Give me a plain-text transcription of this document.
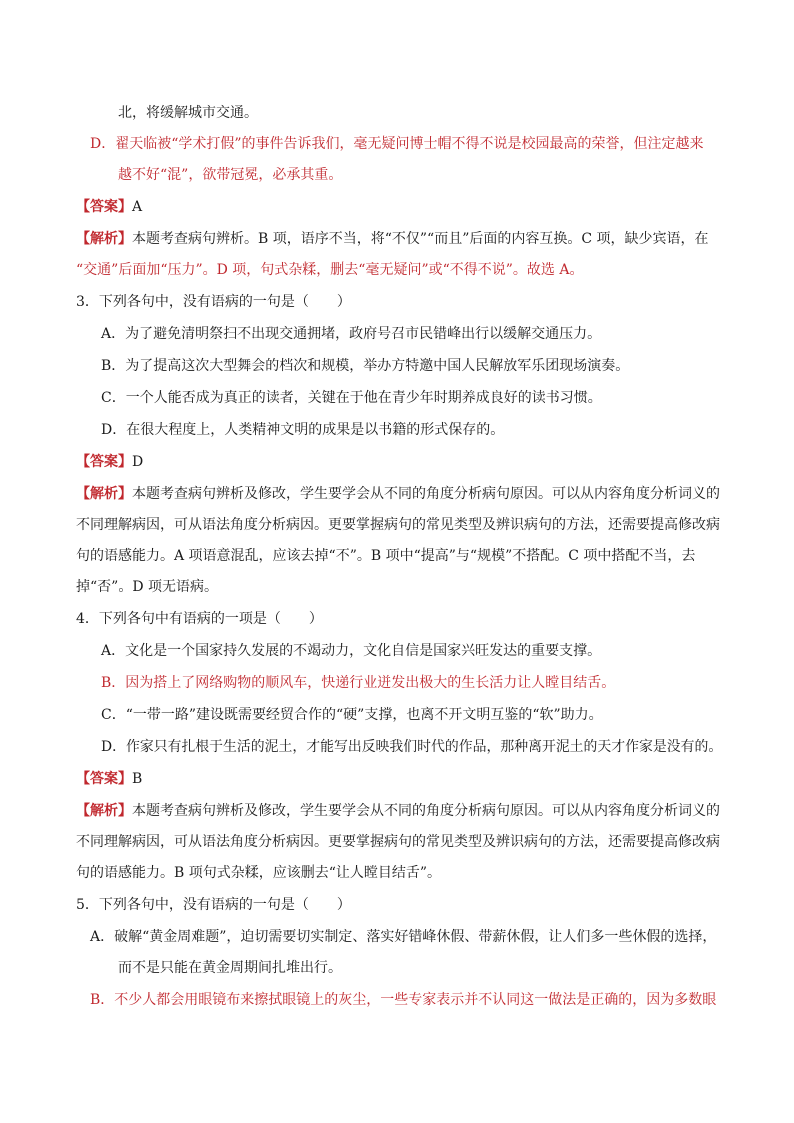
北，将缓解城市交通。
D．翟天临被“学术打假”的事件告诉我们，毫无疑问博士帽不得不说是校园最高的荣誉，但注定越来
越不好“混”，欲带冠冕，必承其重。
【答案】A
【解析】本题考查病句辨析。B 项，语序不当，将“不仅”“而且”后面的内容互换。C 项，缺少宾语，在
“交通”后面加“压力”。D 项，句式杂糅，删去“毫无疑问”或“不得不说”。故选 A。
3．下列各句中，没有语病的一句是（　　）
A．为了避免清明祭扫不出现交通拥堵，政府号召市民错峰出行以缓解交通压力。
B．为了提高这次大型舞会的档次和规模，举办方特邀中国人民解放军乐团现场演奏。
C．一个人能否成为真正的读者，关键在于他在青少年时期养成良好的读书习惯。
D．在很大程度上，人类精神文明的成果是以书籍的形式保存的。
【答案】D
【解析】本题考查病句辨析及修改，学生要学会从不同的角度分析病句原因。可以从内容角度分析词义的
不同理解病因，可从语法角度分析病因。更要掌握病句的常见类型及辨识病句的方法，还需要提高修改病
句的语感能力。A 项语意混乱，应该去掉“不”。B 项中“提高”与“规模”不搭配。C 项中搭配不当，去
掉“否”。D 项无语病。
4．下列各句中有语病的一项是（　　）
A．文化是一个国家持久发展的不竭动力，文化自信是国家兴旺发达的重要支撑。
B．因为搭上了网络购物的顺风车，快递行业迸发出极大的生长活力让人瞠目结舌。
C．“一带一路”建设既需要经贸合作的“硬”支撑，也离不开文明互鉴的“软”助力。
D．作家只有扎根于生活的泥土，才能写出反映我们时代的作品，那种离开泥土的天才作家是没有的。
【答案】B
【解析】本题考查病句辨析及修改，学生要学会从不同的角度分析病句原因。可以从内容角度分析词义的
不同理解病因，可从语法角度分析病因。更要掌握病句的常见类型及辨识病句的方法，还需要提高修改病
句的语感能力。B 项句式杂糅，应该删去“让人瞠目结舌”。
5．下列各句中，没有语病的一句是（　　）
A．破解“黄金周难题”，迫切需要切实制定、落实好错峰休假、带薪休假，让人们多一些休假的选择，
而不是只能在黄金周期间扎堆出行。
B．不少人都会用眼镜布来擦拭眼镜上的灰尘，一些专家表示并不认同这一做法是正确的，因为多数眼
